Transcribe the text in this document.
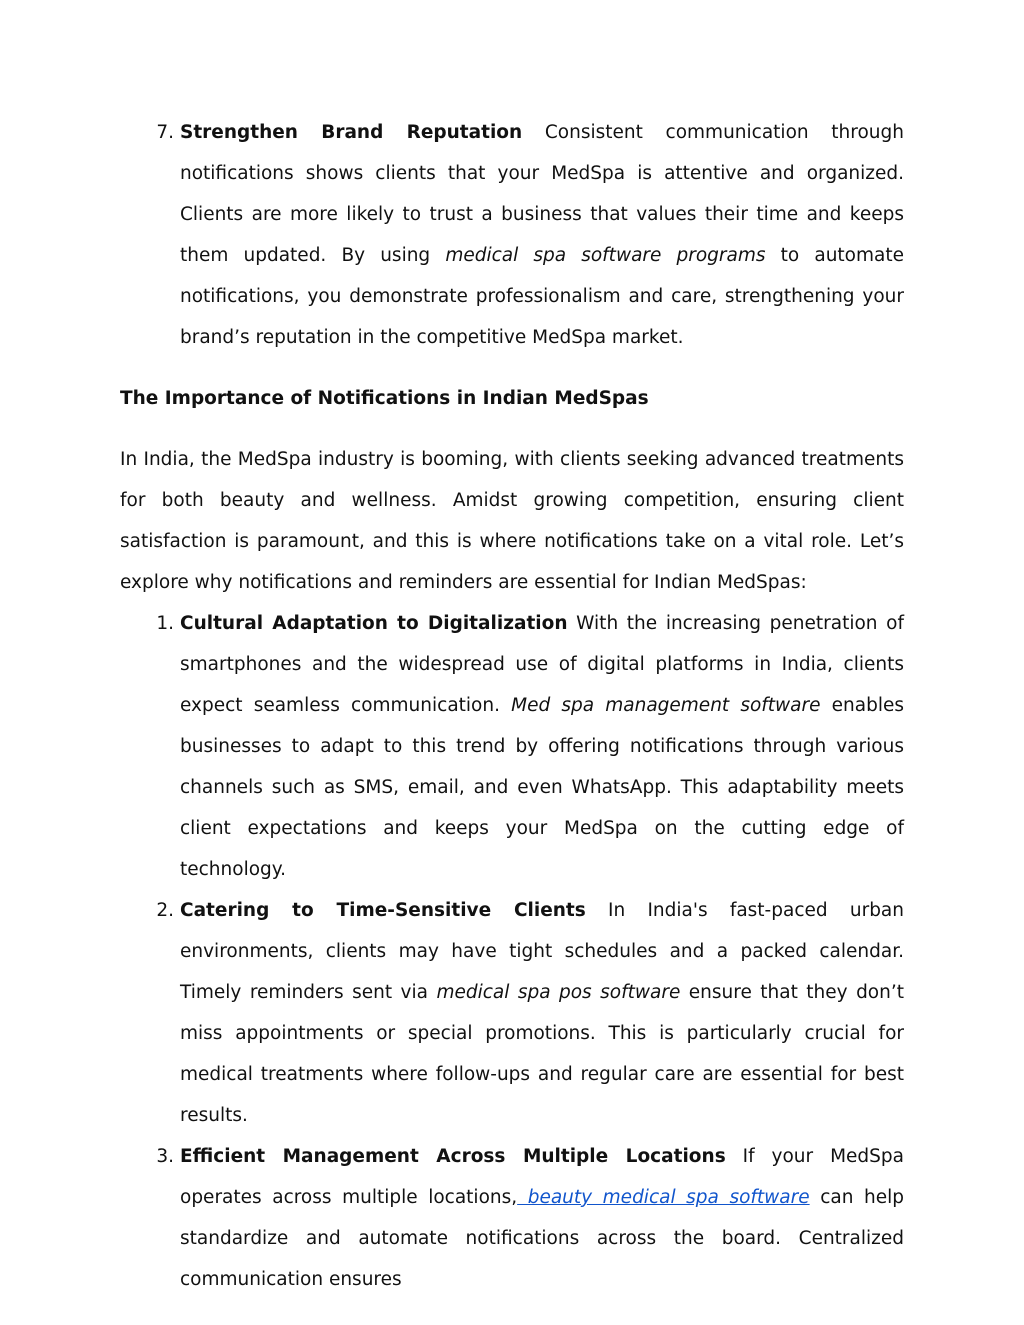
7. Strengthen Brand Reputation Consistent communication through notifications shows clients that your MedSpa is attentive and organized. Clients are more likely to trust a business that values their time and keeps them updated. By using medical spa software programs to automate notifications, you demonstrate professionalism and care, strengthening your brand’s reputation in the competitive MedSpa market.

The Importance of Notifications in Indian MedSpas

In India, the MedSpa industry is booming, with clients seeking advanced treatments for both beauty and wellness. Amidst growing competition, ensuring client satisfaction is paramount, and this is where notifications take on a vital role. Let’s explore why notifications and reminders are essential for Indian MedSpas:

1. Cultural Adaptation to Digitalization With the increasing penetration of smartphones and the widespread use of digital platforms in India, clients expect seamless communication. Med spa management software enables businesses to adapt to this trend by offering notifications through various channels such as SMS, email, and even WhatsApp. This adaptability meets client expectations and keeps your MedSpa on the cutting edge of technology.
2. Catering to Time-Sensitive Clients In India's fast-paced urban environments, clients may have tight schedules and a packed calendar. Timely reminders sent via medical spa pos software ensure that they don’t miss appointments or special promotions. This is particularly crucial for medical treatments where follow-ups and regular care are essential for best results.
3. Efficient Management Across Multiple Locations If your MedSpa operates across multiple locations, beauty medical spa software can help standardize and automate notifications across the board. Centralized communication ensures
